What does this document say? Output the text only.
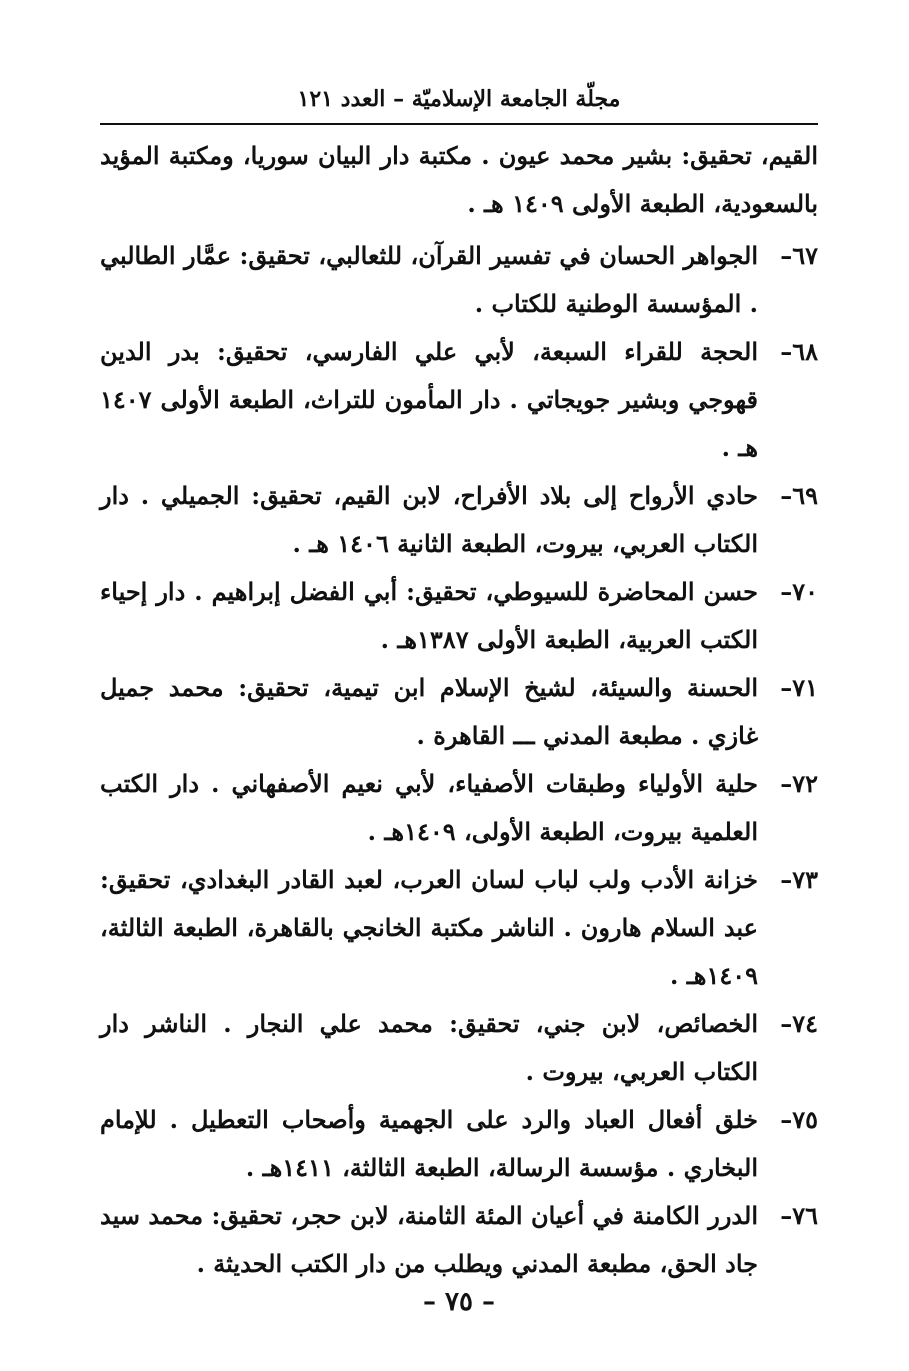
مجلّة الجامعة الإسلاميّة – العدد ١٢١
القيم، تحقيق: بشير محمد عيون . مكتبة دار البيان سوريا، ومكتبة المؤيد بالسعودية، الطبعة الأولى ١٤٠٩ هـ .
٦٧–
الجواهر الحسان في تفسير القرآن، للثعالبي، تحقيق: عمَّار الطالبي . المؤسسة الوطنية للكتاب .
٦٨–
الحجة للقراء السبعة، لأبي علي الفارسي، تحقيق: بدر الدين قهوجي وبشير جويجاتي . دار المأمون للتراث، الطبعة الأولى ١٤٠٧ هـ .
٦٩–
حادي الأرواح إلى بلاد الأفراح، لابن القيم، تحقيق: الجميلي . دار الكتاب العربي، بيروت، الطبعة الثانية ١٤٠٦ هـ .
٧٠–
حسن المحاضرة للسيوطي، تحقيق: أبي الفضل إبراهيم . دار إحياء الكتب العربية، الطبعة الأولى ١٣٨٧هـ .
٧١–
الحسنة والسيئة، لشيخ الإسلام ابن تيمية، تحقيق: محمد جميل غازي . مطبعة المدني ـــ القاهرة .
٧٢–
حلية الأولياء وطبقات الأصفياء، لأبي نعيم الأصفهاني . دار الكتب العلمية بيروت، الطبعة الأولى، ١٤٠٩هـ .
٧٣–
خزانة الأدب ولب لباب لسان العرب، لعبد القادر البغدادي، تحقيق: عبد السلام هارون . الناشر مكتبة الخانجي بالقاهرة، الطبعة الثالثة، ١٤٠٩هـ .
٧٤–
الخصائص، لابن جني، تحقيق: محمد علي النجار . الناشر دار الكتاب العربي، بيروت .
٧٥–
خلق أفعال العباد والرد على الجهمية وأصحاب التعطيل . للإمام البخاري . مؤسسة الرسالة، الطبعة الثالثة، ١٤١١هـ .
٧٦–
الدرر الكامنة في أعيان المئة الثامنة، لابن حجر، تحقيق: محمد سيد جاد الحق، مطبعة المدني ويطلب من دار الكتب الحديثة .
– ٧٥ –
